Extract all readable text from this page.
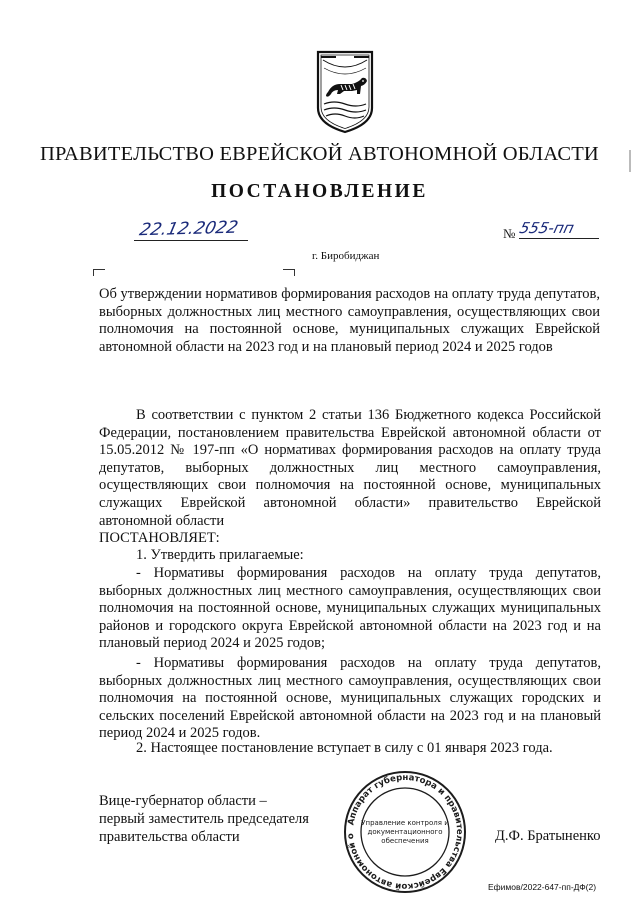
ПРАВИТЕЛЬСТВО ЕВРЕЙСКОЙ АВТОНОМНОЙ ОБЛАСТИ
ПОСТАНОВЛЕНИЕ
22.12.2022	№ 555-пп
г. Биробиджан
Об утверждении нормативов формирования расходов на оплату труда депутатов, выборных должностных лиц местного самоуправления, осуществляющих свои полномочия на постоянной основе, муниципальных служащих Еврейской автономной области на 2023 год и на плановый период 2024 и 2025 годов
В соответствии с пунктом 2 статьи 136 Бюджетного кодекса Российской Федерации, постановлением правительства Еврейской автономной области от 15.05.2012 № 197-пп «О нормативах формирования расходов на оплату труда депутатов, выборных должностных лиц местного самоуправления, осуществляющих свои полномочия на постоянной основе, муниципальных служащих Еврейской автономной области» правительство Еврейской автономной области
ПОСТАНОВЛЯЕТ:
1. Утвердить прилагаемые:
- Нормативы формирования расходов на оплату труда депутатов, выборных должностных лиц местного самоуправления, осуществляющих свои полномочия на постоянной основе, муниципальных служащих муниципальных районов и городского округа Еврейской автономной области на 2023 год и на плановый период 2024 и 2025 годов;
- Нормативы формирования расходов на оплату труда депутатов, выборных должностных лиц местного самоуправления, осуществляющих свои полномочия на постоянной основе, муниципальных служащих городских и сельских поселений Еврейской автономной области на 2023 год и на плановый период 2024 и 2025 годов.
2. Настоящее постановление вступает в силу с 01 января 2023 года.
Вице-губернатор области –
первый заместитель председателя
правительства области	Д.Ф. Братыненко
Аппарат губернатора и правительства Еврейской автономной о
Управление контроля и
документационного
обеспечения
Ефимов/2022-647-пп-ДФ(2)
